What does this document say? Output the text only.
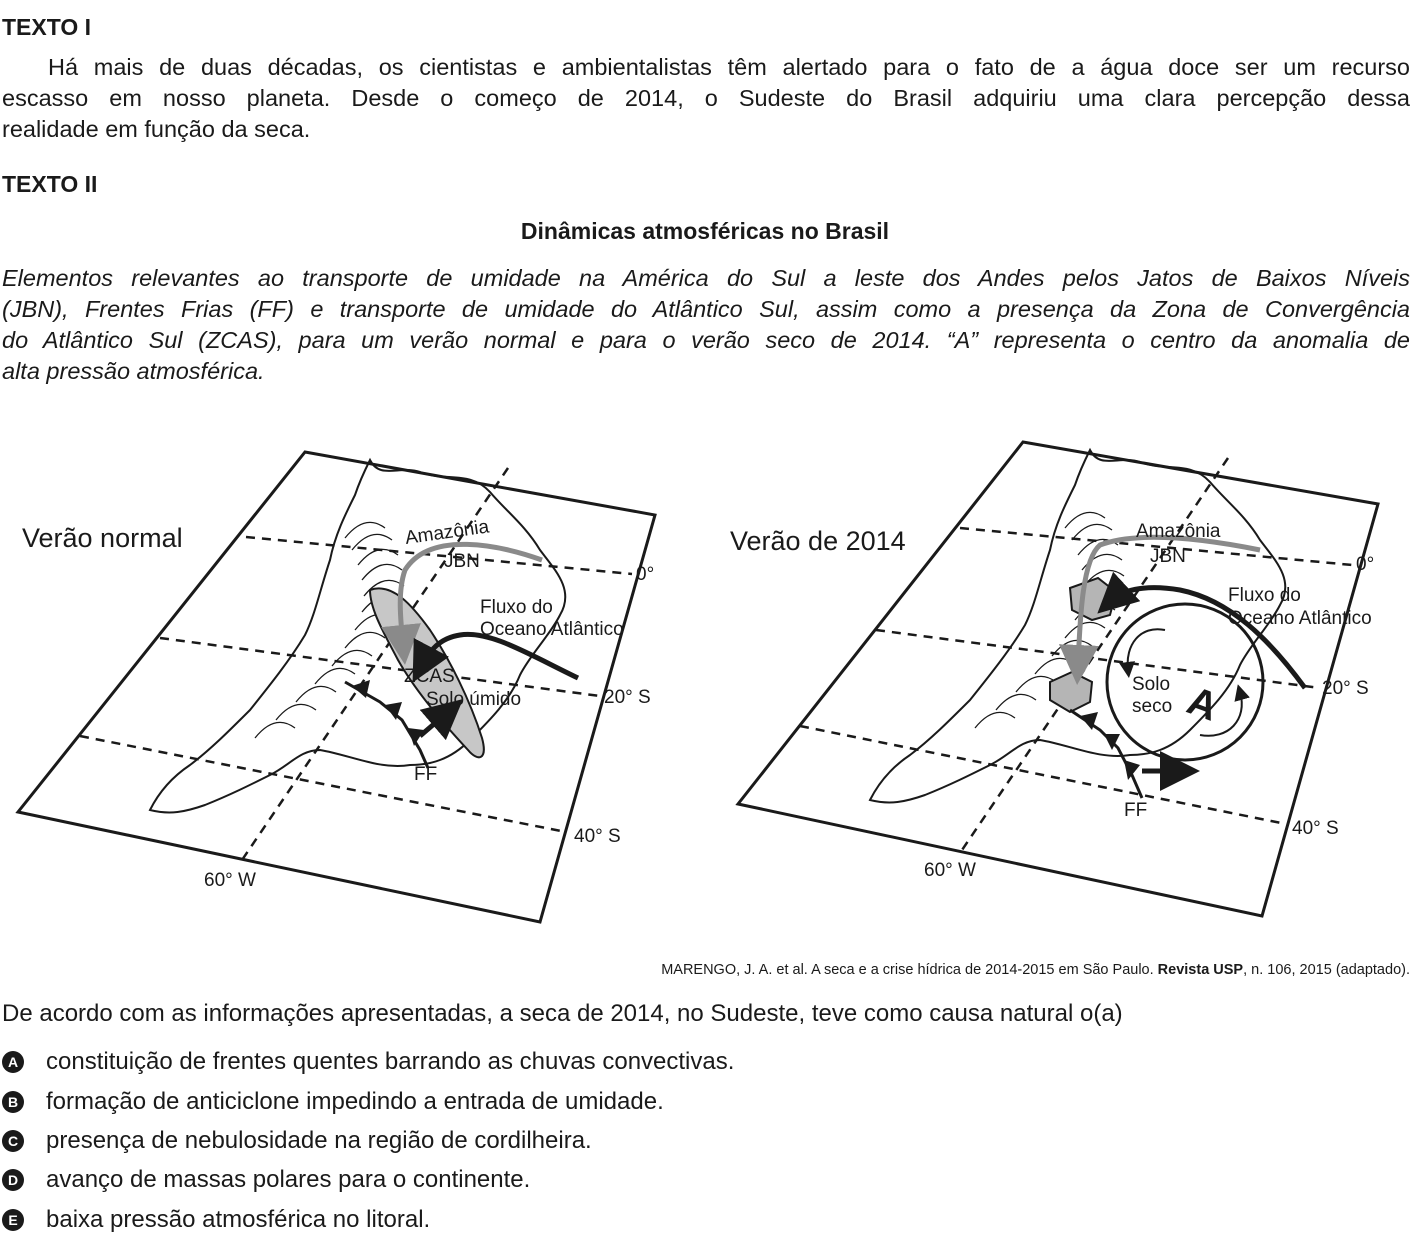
TEXTO I
Há mais de duas décadas, os cientistas e ambientalistas têm alertado para o fato de a água doce ser um recurso
escasso em nosso planeta. Desde o começo de 2014, o Sudeste do Brasil adquiriu uma clara percepção dessa
realidade em função da seca.
TEXTO II
Dinâmicas atmosféricas no Brasil
Elementos relevantes ao transporte de umidade na América do Sul a leste dos Andes pelos Jatos de Baixos Níveis
(JBN), Frentes Frias (FF) e transporte de umidade do Atlântico Sul, assim como a presença da Zona de Convergência
do Atlântico Sul (ZCAS), para um verão normal e para o verão seco de 2014. “A” representa o centro da anomalia de
alta pressão atmosférica.
Verão normal	Amazônia
JBN
Fluxo do
Oceano Atlântico
ZCAS
Solo úmido
FF
0°
20° S
40° S
60° W
Verão de 2014	Amazônia
JBN
Fluxo do
Oceano Atlântico
Solo
seco A
FF
0°
20° S
40° S
60° W
MARENGO, J. A. et al. A seca e a crise hídrica de 2014-2015 em São Paulo. Revista USP, n. 106, 2015 (adaptado).
De acordo com as informações apresentadas, a seca de 2014, no Sudeste, teve como causa natural o(a)
A constituição de frentes quentes barrando as chuvas convectivas.
B formação de anticiclone impedindo a entrada de umidade.
C presença de nebulosidade na região de cordilheira.
D avanço de massas polares para o continente.
E baixa pressão atmosférica no litoral.
